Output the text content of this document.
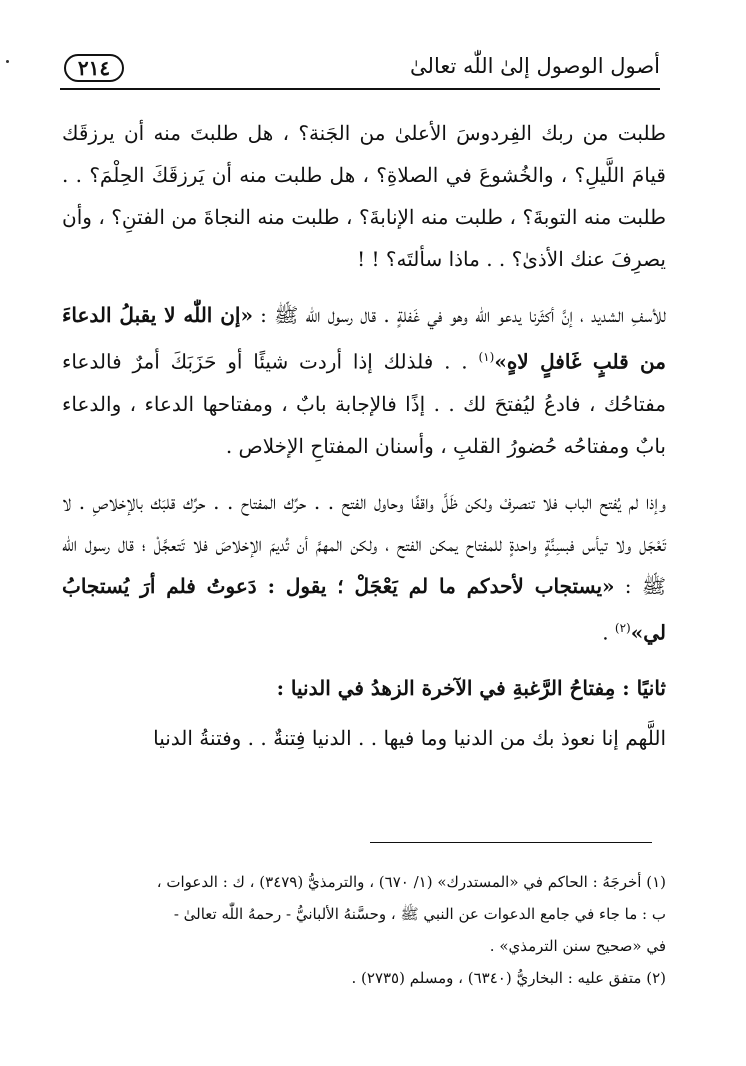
أصول الوصول إلىٰ اللّٰه تعالىٰ
٢١٤

طلبت من ربك الفِردوسَ الأعلىٰ من الجَنة؟ ، هل طلبتَ منه أن يرزقَك قيامَ اللَّيلِ؟ ، والخُشوعَ في الصلاةِ؟ ، هل طلبت منه أن يَرزقَكَ الحِلْمَ؟ . . طلبت منه التوبةَ؟ ، طلبت منه الإنابةَ؟ ، طلبت منه النجاةَ من الفتنِ؟ ، وأن يصرِفَ عنك الأذىٰ؟ . . ماذا سألتَه؟ ! !

للأسفِ الشديد ، إنَّ أكثَرنا يدعو اللّٰه وهو في غَفلةٍ . قال رسول اللّٰه ﷺ : «إن اللّٰه لا يقبلُ الدعاءَ من قلبٍ غَافلٍ لاهٍ»$^{(١)}$ . . فلذلك إذا أردت شيئًا أو حَزَبَكَ أمرٌ فالدعاء مفتاحُك ، فادعُ ليُفتحَ لك . . إذًا فالإجابة بابٌ ، ومفتاحها الدعاء ، والدعاء بابٌ ومفتاحُه حُضورُ القلبِ ، وأسنان المفتاحِ الإخلاص .

وإذا لم يُفتح الباب فلا تنصرفْ ولكن ظَلَّ واقفًا وحاول الفتح . . حرِّك المفتاح . . حرِّك قلبَك بالإخلاصِ . لا تَعْجَل ولا تيأس فبسِنَّةٍ واحدةٍ للمفتاح يمكن الفتح ، ولكن المهمَّ أن تُديمَ الإخلاصَ فلا تَتعجَّلْ ؛ قال رسول اللّٰه ﷺ : «يستجاب لأحدكم ما لم يَعْجَلْ ؛ يقول : دَعوتُ فلم أرَ يُستجابُ لي»$^{(٢)}$ .

ثانيًا : مِفتاحُ الرَّغبةِ في الآخرة الزهدُ في الدنيا :

اللَّهم إنا نعوذ بك من الدنيا وما فيها . . الدنيا فِتنةٌ . . وفتنةُ الدنيا

(١) أخرجَهُ : الحاكم في «المستدرك» (١/ ٦٧٠) ، والترمذيُّ (٣٤٧٩) ، ك : الدعوات ،

ب : ما جاء في جامع الدعوات عن النبي ﷺ ، وحسَّنهُ الألبانيُّ - رحمهُ اللّٰه تعالىٰ -

في «صحيح سنن الترمذي» .

(٢) متفق عليه : البخاريُّ (٦٣٤٠) ، ومسلم (٢٧٣٥) .
